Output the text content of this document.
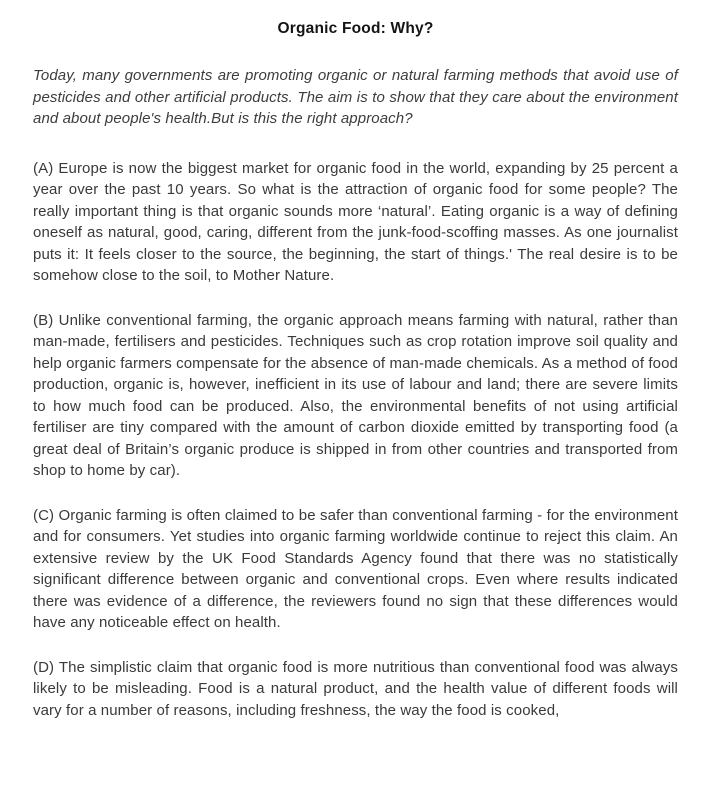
Organic Food: Why?

Today, many governments are promoting organic or natural farming methods that avoid use of pesticides and other artificial products. The aim is to show that they care about the environment and about people's health.But is this the right approach?

(A) Europe is now the biggest market for organic food in the world, expanding by 25 percent a year over the past 10 years. So what is the attraction of organic food for some people? The really important thing is that organic sounds more ‘natural’. Eating organic is a way of defining oneself as natural, good, caring, different from the junk-food-scoffing masses. As one journalist puts it: It feels closer to the source, the beginning, the start of things.' The real desire is to be somehow close to the soil, to Mother Nature.

(B) Unlike conventional farming, the organic approach means farming with natural, rather than man-made, fertilisers and pesticides. Techniques such as crop rotation improve soil quality and help organic farmers compensate for the absence of man-made chemicals. As a method of food production, organic is, however, inefficient in its use of labour and land; there are severe limits to how much food can be produced. Also, the environmental benefits of not using artificial fertiliser are tiny compared with the amount of carbon dioxide emitted by transporting food (a great deal of Britain’s organic produce is shipped in from other countries and transported from shop to home by car).

(C) Organic farming is often claimed to be safer than conventional farming - for the environment and for consumers. Yet studies into organic farming worldwide continue to reject this claim. An extensive review by the UK Food Standards Agency found that there was no statistically significant difference between organic and conventional crops. Even where results indicated there was evidence of a difference, the reviewers found no sign that these differences would have any noticeable effect on health.

(D) The simplistic claim that organic food is more nutritious than conventional food was always likely to be misleading. Food is a natural product, and the health value of different foods will vary for a number of reasons, including freshness, the way the food is cooked,
